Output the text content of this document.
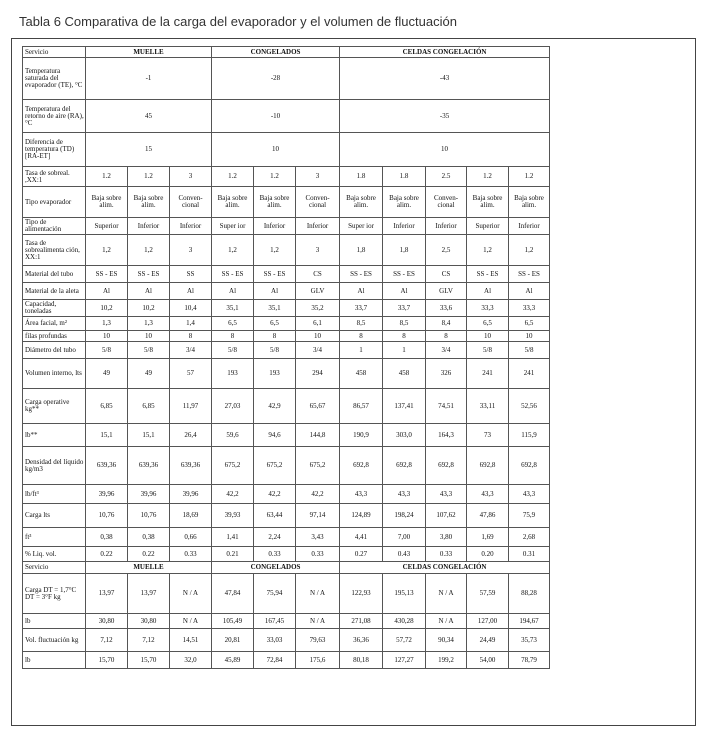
Tabla 6 Comparativa de la carga del evaporador y el volumen de fluctuación
Servicio	MUELLE			CONGELADOS			CELDAS CONGELACIÓN				
Temperatura saturada del evaporador (TE), °C	-1			-28			-43				
Temperatura del retorno de aire (RA),°C	45			-10			-35				
Diferencia de temperatura (TD) [RA-ET]	15			10			10				
Tasa de sobreal. ,XX:1	1.2	1.2	3	1.2	1.2	3	1.8	1.8	2.5	1.2	1.2
Tipo evaporador	Baja sobre alim.	Baja sobre alim.	Conven-cional	Baja sobre alim.	Baja sobre alim.	Conven-cional	Baja sobre alim.	Baja sobre alim.	Conven-cional	Baja sobre alim.	Baja sobre alim.
Tipo de alimentación	Superior	Inferior	Inferior	Super ior	Inferior	Inferior	Super ior	Inferior	Inferior	Superior	Inferior
Tasa de sobrealimenta ción, XX:1	1,2	1,2	3	1,2	1,2	3	1,8	1,8	2,5	1,2	1,2
Material del tubo	SS - ES	SS - ES	SS	SS - ES	SS - ES	CS	SS - ES	SS - ES	CS	SS - ES	SS - ES
Material de la aleta	Al	Al	Al	Al	Al	GLV	Al	Al	GLV	Al	Al
Capacidad, toneladas	10,2	10,2	10,4	35,1	35,1	35,2	33,7	33,7	33,6	33,3	33,3
Área facial, m²	1,3	1,3	1,4	6,5	6,5	6,1	8,5	8,5	8,4	6,5	6,5
filas profundas	10	10	8	8	8	10	8	8	8	10	10
Diámetro del tubo	5/8	5/8	3/4	5/8	5/8	3/4	1	1	3/4	5/8	5/8
Volumen interno, lts	49	49	57	193	193	294	458	458	326	241	241
Carga operative kg**	6,85	6,85	11,97	27,03	42,9	65,67	86,57	137,41	74,51	33,11	52,56
lb**	15,1	15,1	26,4	59,6	94,6	144,8	190,9	303,0	164,3	73	115,9
Densidad del líquido kg/m3	639,36	639,36	639,36	675,2	675,2	675,2	692,8	692,8	692,8	692,8	692,8
lb/ft³	39,96	39,96	39,96	42,2	42,2	42,2	43,3	43,3	43,3	43,3	43,3
Carga lts	10,76	10,76	18,69	39,93	63,44	97,14	124,89	198,24	107,62	47,86	75,9
ft³	0,38	0,38	0,66	1,41	2,24	3,43	4,41	7,00	3,80	1,69	2,68
% Liq. vol.	0.22	0.22	0.33	0.21	0.33	0.33	0.27	0.43	0.33	0.20	0.31
Servicio	MUELLE			CONGELADOS			CELDAS CONGELACIÓN				
Carga DT = 1,7°C DT = 3°F kg	13,97	13,97	N / A	47,84	75,94	N / A	122,93	195,13	N / A	57,59	88,28
lb	30,80	30,80	N / A	105,49	167,45	N / A	271,08	430,28	N / A	127,00	194,67
Vol. fluctuación kg	7,12	7,12	14,51	20,81	33,03	79,63	36,36	57,72	90,34	24,49	35,73
lb	15,70	15,70	32,0	45,89	72,84	175,6	80,18	127,27	199,2	54,00	78,79
